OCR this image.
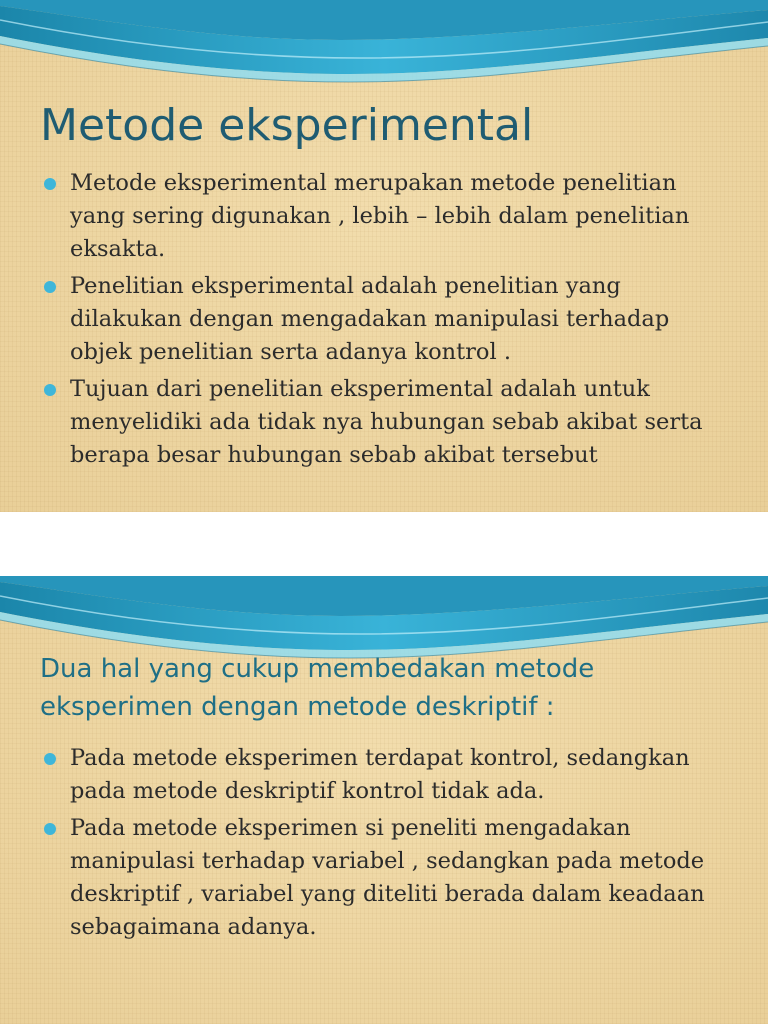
Metode eksperimental
Metode eksperimental merupakan metode penelitian yang sering digunakan , lebih – lebih dalam penelitian eksakta.
Penelitian eksperimental adalah penelitian yang dilakukan dengan mengadakan manipulasi terhadap objek penelitian serta adanya kontrol .
Tujuan dari penelitian eksperimental adalah untuk menyelidiki ada tidak nya hubungan sebab akibat serta berapa besar hubungan sebab akibat tersebut
Dua hal yang cukup membedakan metode eksperimen dengan metode deskriptif :
Pada metode eksperimen terdapat kontrol, sedangkan pada metode deskriptif kontrol tidak ada.
Pada metode eksperimen si peneliti mengadakan manipulasi terhadap variabel , sedangkan pada metode deskriptif , variabel yang diteliti berada dalam keadaan sebagaimana adanya.
